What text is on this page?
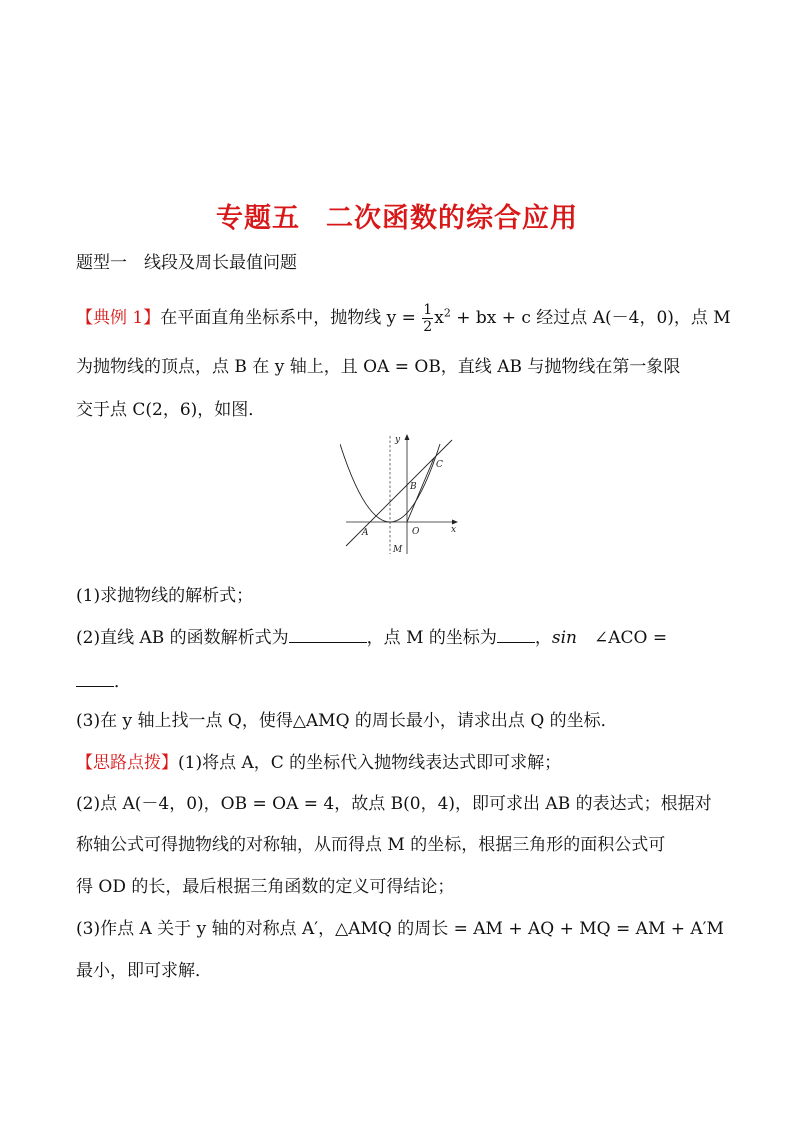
专题五 二次函数的综合应用
题型一　线段及周长最值问题
【典例 1】在平面直角坐标系中，抛物线 $y = \frac{1}{2} x^2$ + bx + c 经过点 A(－4，0)，点 M
为抛物线的顶点，点 B 在 y 轴上，且 OA = OB，直线 AB 与抛物线在第一象限
交于点 C(2，6)，如图．
y
x
C
B
A	O
M
(1)求抛物线的解析式；
(2)直线 AB 的函数解析式为	，点 M 的坐标为 ，sin　∠ACO =
．
(3)在 y 轴上找一点 Q，使得△AMQ 的周长最小，请求出点 Q 的坐标．
【思路点拨】(1)将点 A，C 的坐标代入抛物线表达式即可求解；
(2)点 A(－4，0)，OB = OA = 4，故点 B(0，4)，即可求出 AB 的表达式；根据对
称轴公式可得抛物线的对称轴，从而得点 M 的坐标，根据三角形的面积公式可
得 OD 的长，最后根据三角函数的定义可得结论；
(3)作点 A 关于 y 轴的对称点 A′，△AMQ 的周长 = AM + AQ + MQ = AM + A′M
最小，即可求解．
